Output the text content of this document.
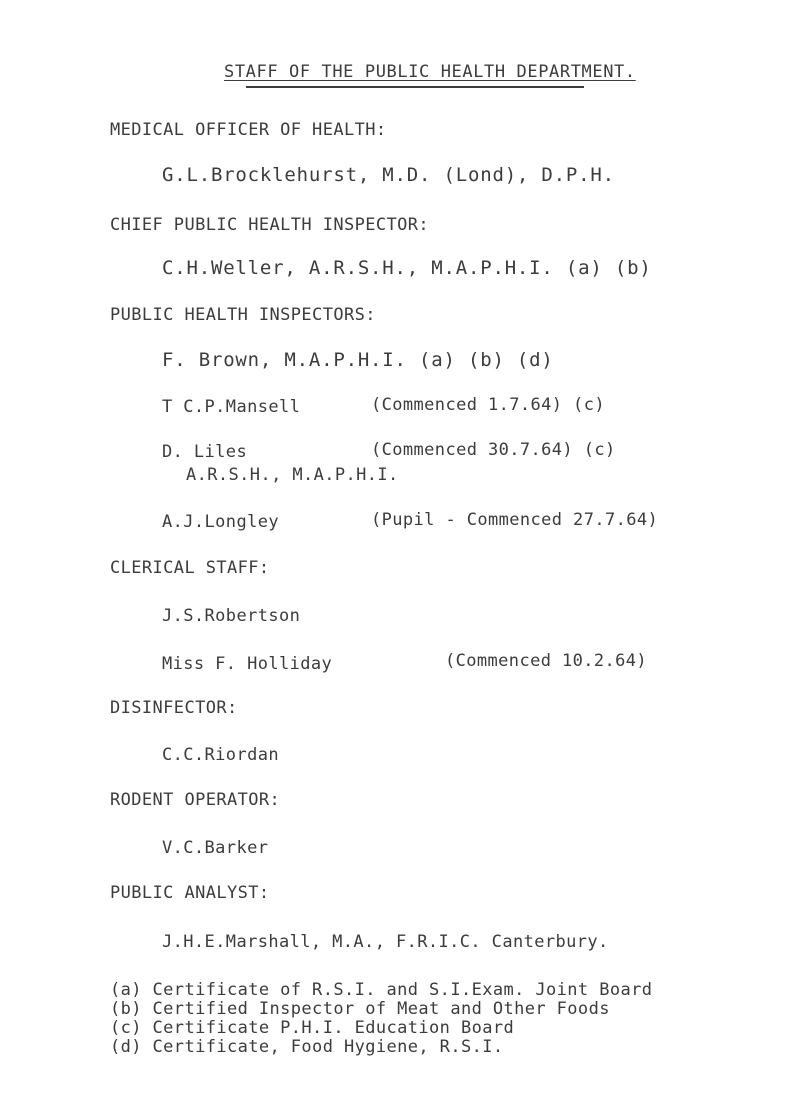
STAFF OF THE PUBLIC HEALTH DEPARTMENT.
MEDICAL OFFICER OF HEALTH:
G.L.Brocklehurst, M.D. (Lond), D.P.H.
CHIEF PUBLIC HEALTH INSPECTOR:
C.H.Weller, A.R.S.H., M.A.P.H.I. (a) (b)
PUBLIC HEALTH INSPECTORS:
F. Brown, M.A.P.H.I. (a) (b) (d)
T C.P.Mansell	(Commenced 1.7.64) (c)
D. Liles	(Commenced 30.7.64) (c)
A.R.S.H., M.A.P.H.I.
A.J.Longley	(Pupil - Commenced 27.7.64)
CLERICAL STAFF:
J.S.Robertson
Miss F. Holliday	(Commenced 10.2.64)
DISINFECTOR:
C.C.Riordan
RODENT OPERATOR:
V.C.Barker
PUBLIC ANALYST:
J.H.E.Marshall, M.A., F.R.I.C. Canterbury.
(a) Certificate of R.S.I. and S.I.Exam. Joint Board
(b) Certified Inspector of Meat and Other Foods
(c) Certificate P.H.I. Education Board
(d) Certificate, Food Hygiene, R.S.I.
